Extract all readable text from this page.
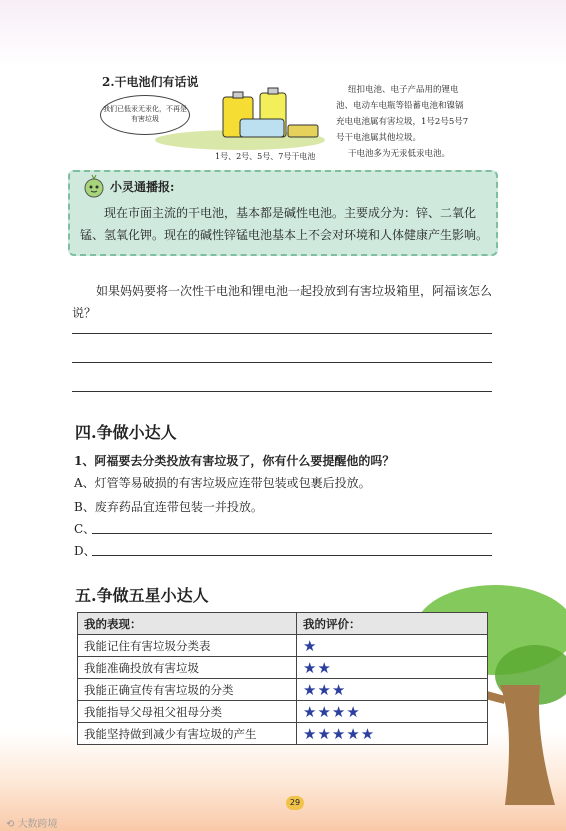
2.干电池们有话说
我们已低汞无汞化，不再是有害垃圾
1号、2号、5号、7号干电池
纽扣电池、电子产品用的锂电
池、电动车电瓶等铅蓄电池和镍镉
充电电池属有害垃圾，1号2号5号7
号干电池属其他垃圾。
干电池多为无汞低汞电池。
小灵通播报:
现在市面主流的干电池，基本都是碱性电池。主要成分为：锌、二氧化锰、氢氧化钾。现在的碱性锌锰电池基本上不会对环境和人体健康产生影响。
如果妈妈要将一次性干电池和锂电池一起投放到有害垃圾箱里，阿福该怎么说？
四.争做小达人
1、阿福要去分类投放有害垃圾了，你有什么要提醒他的吗？
A、灯管等易破损的有害垃圾应连带包装或包裹后投放。
B、废弃药品宜连带包装一并投放。
C、
D、
五.争做五星小达人
我的表现：	我的评价：
我能记住有害垃圾分类表	★
我能准确投放有害垃圾	★★
我能正确宣传有害垃圾的分类	★★★
我能指导父母祖父祖母分类	★★★★
我能坚持做到减少有害垃圾的产生	★★★★★
29
⟲ 大数跨境
